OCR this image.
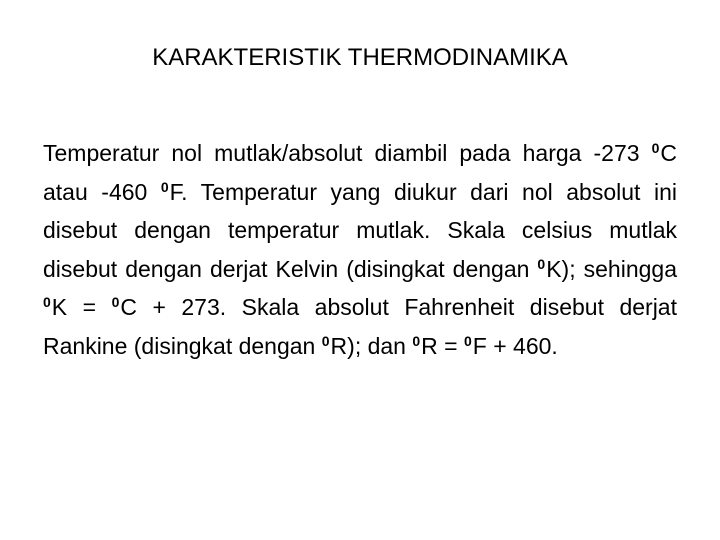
KARAKTERISTIK THERMODINAMIKA
Temperatur nol mutlak/absolut diambil pada harga -273 $^0$C atau -460 $^0$F. Temperatur yang diukur dari nol absolut ini disebut dengan temperatur mutlak. Skala celsius mutlak disebut dengan derjat Kelvin (disingkat dengan $^0$K); sehingga $^0$K = $^0$C + 273. Skala absolut Fahrenheit disebut derjat Rankine (disingkat dengan $^0$R); dan $^0$R = $^0$F + 460.
